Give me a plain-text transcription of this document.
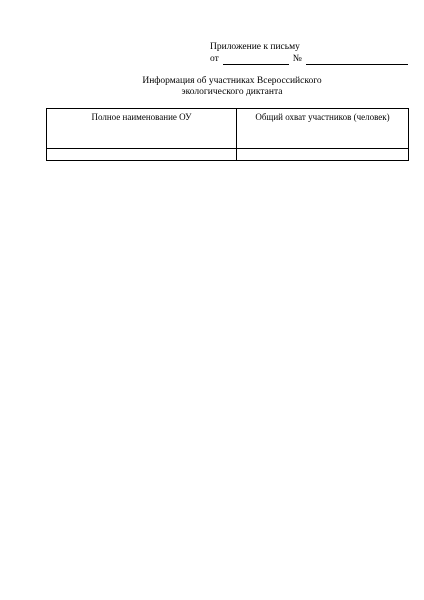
Приложение к письму
от	№
Информация об участниках Всероссийского
экологического диктанта
Полное наименование ОУ	Общий охват участников (человек)
